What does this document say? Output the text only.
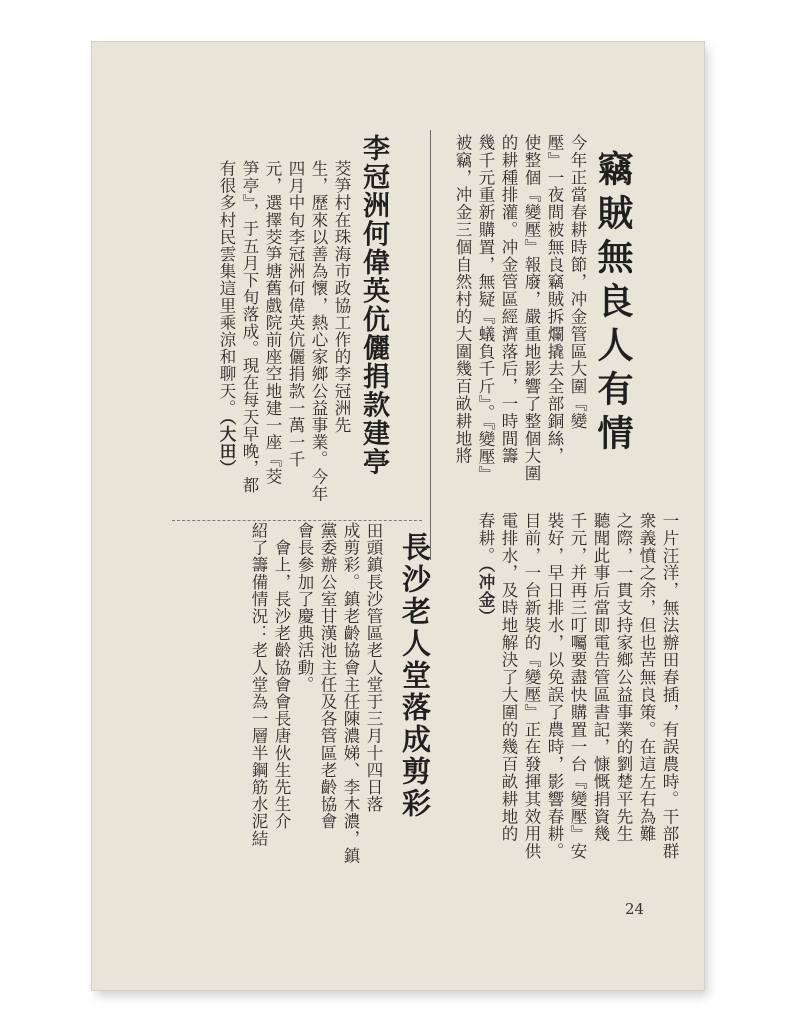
竊賊無良人有情
今年正當春耕時節，冲金管區大圍『變
壓』一夜間被無良竊賊拆爛撬去全部銅絲，
使整個『變壓』報廢，嚴重地影響了整個大圍
的耕種排灌。冲金管區經濟落后，一時間籌
幾千元重新購置，無疑『蟻負千斤』。『變壓』
被竊，冲金三個自然村的大圍幾百畝耕地將
李冠洲何偉英伉儷捐款建亭
茭笋村在珠海市政協工作的李冠洲先
生，歷來以善為懷，熱心家鄉公益事業。今年
四月中旬李冠洲何偉英伉儷捐款一萬一千
元，選擇茭笋塘舊戲院前座空地建一座『茭
笋亭』，于五月下旬落成。現在每天早晚，都
有很多村民雲集這里乘涼和聊天。（大田）
一片汪洋，無法辦田春插，有誤農時。干部群
衆義憤之余，但也苦無良策。在這左右為難
之際，一貫支持家鄉公益事業的劉楚平先生
聽聞此事后當即電告管區書記，慷慨捐資幾
千元，并再三叮囑要盡快購置一台『變壓』安
裝好，早日排水，以免誤了農時，影響春耕。
目前，一台新裝的『變壓』正在發揮其效用供
電排水，及時地解決了大圍的幾百畝耕地的
春耕。（冲金）
長沙老人堂落成剪彩
田頭鎮長沙管區老人堂于三月十四日落
成剪彩。鎮老齡協會主任陳濃娣、李木濃，鎮
黨委辦公室甘漢池主任及各管區老齡協會
會長參加了慶典活動。
　會上，長沙老齡協會會長唐伙生先生介
紹了籌備情況：老人堂為一層半鋼筋水泥結
24
